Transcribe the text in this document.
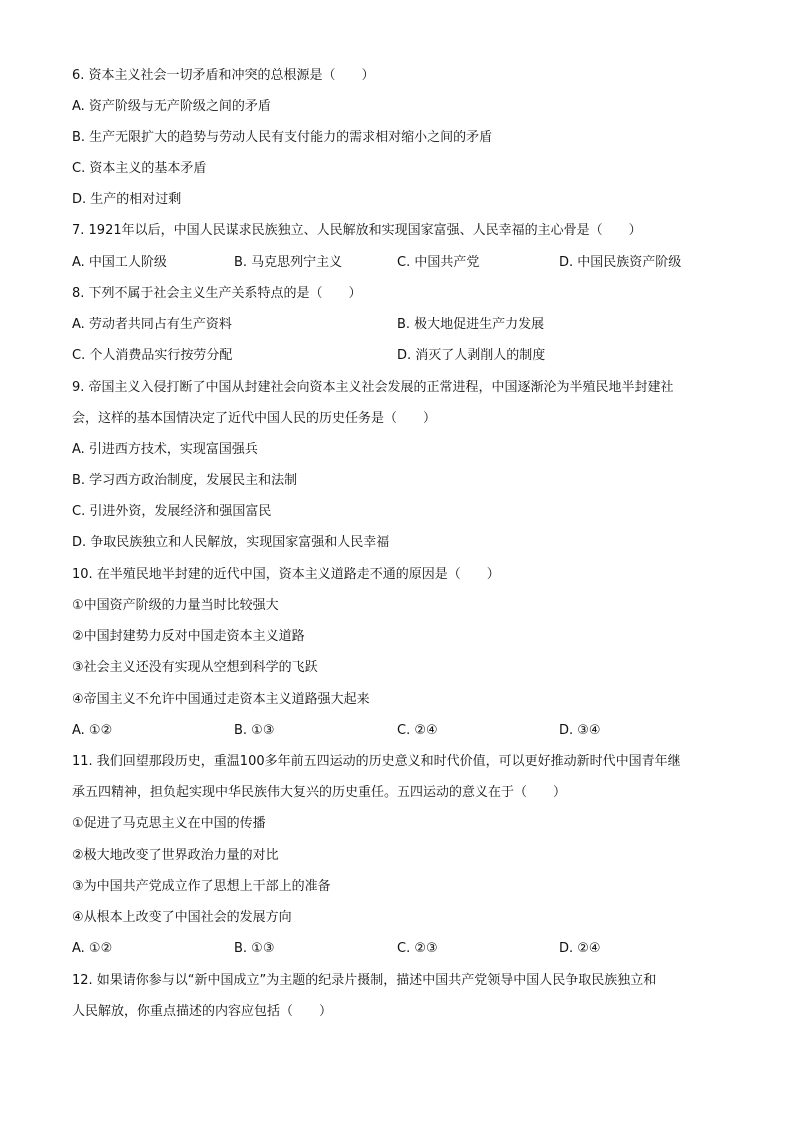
6. 资本主义社会一切矛盾和冲突的总根源是（　　）
A. 资产阶级与无产阶级之间的矛盾
B. 生产无限扩大的趋势与劳动人民有支付能力的需求相对缩小之间的矛盾
C. 资本主义的基本矛盾
D. 生产的相对过剩
7. 1921年以后，中国人民谋求民族独立、人民解放和实现国家富强、人民幸福的主心骨是（　　）
A. 中国工人阶级	B. 马克思列宁主义	C. 中国共产党	D. 中国民族资产阶级
8. 下列不属于社会主义生产关系特点的是（　　）
A. 劳动者共同占有生产资料	B. 极大地促进生产力发展
C. 个人消费品实行按劳分配	D. 消灭了人剥削人的制度
9. 帝国主义入侵打断了中国从封建社会向资本主义社会发展的正常进程，中国逐渐沦为半殖民地半封建社
会，这样的基本国情决定了近代中国人民的历史任务是（　　）
A. 引进西方技术，实现富国强兵
B. 学习西方政治制度，发展民主和法制
C. 引进外资，发展经济和强国富民
D. 争取民族独立和人民解放，实现国家富强和人民幸福
10. 在半殖民地半封建的近代中国，资本主义道路走不通的原因是（　　）
①中国资产阶级的力量当时比较强大
②中国封建势力反对中国走资本主义道路
③社会主义还没有实现从空想到科学的飞跃
④帝国主义不允许中国通过走资本主义道路强大起来
A. ①②	B. ①③	C. ②④	D. ③④
11. 我们回望那段历史，重温100多年前五四运动的历史意义和时代价值，可以更好推动新时代中国青年继
承五四精神，担负起实现中华民族伟大复兴的历史重任。五四运动的意义在于（　　）
①促进了马克思主义在中国的传播
②极大地改变了世界政治力量的对比
③为中国共产党成立作了思想上干部上的准备
④从根本上改变了中国社会的发展方向
A. ①②	B. ①③	C. ②③	D. ②④
12. 如果请你参与以“新中国成立”为主题的纪录片摄制，描述中国共产党领导中国人民争取民族独立和
人民解放，你重点描述的内容应包括（　　）
